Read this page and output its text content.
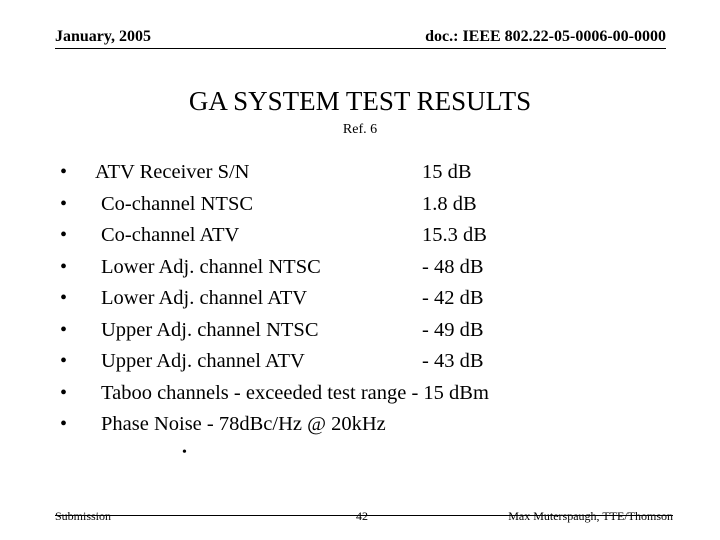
January, 2005	doc.: IEEE 802.22-05-0006-00-0000
GA SYSTEM TEST RESULTS
Ref. 6
• ATV Receiver S/N	15 dB
• Co-channel NTSC	1.8 dB
• Co-channel ATV	15.3 dB
• Lower Adj. channel NTSC	- 48 dB
• Lower Adj. channel ATV	- 42 dB
• Upper Adj. channel NTSC	- 49 dB
• Upper Adj. channel ATV	- 43 dB
• Taboo channels - exceeded test range - 15 dBm
• Phase Noise - 78dBc/Hz @ 20kHz
•
Submission	42	Max Muterspaugh, TTE/Thomson
